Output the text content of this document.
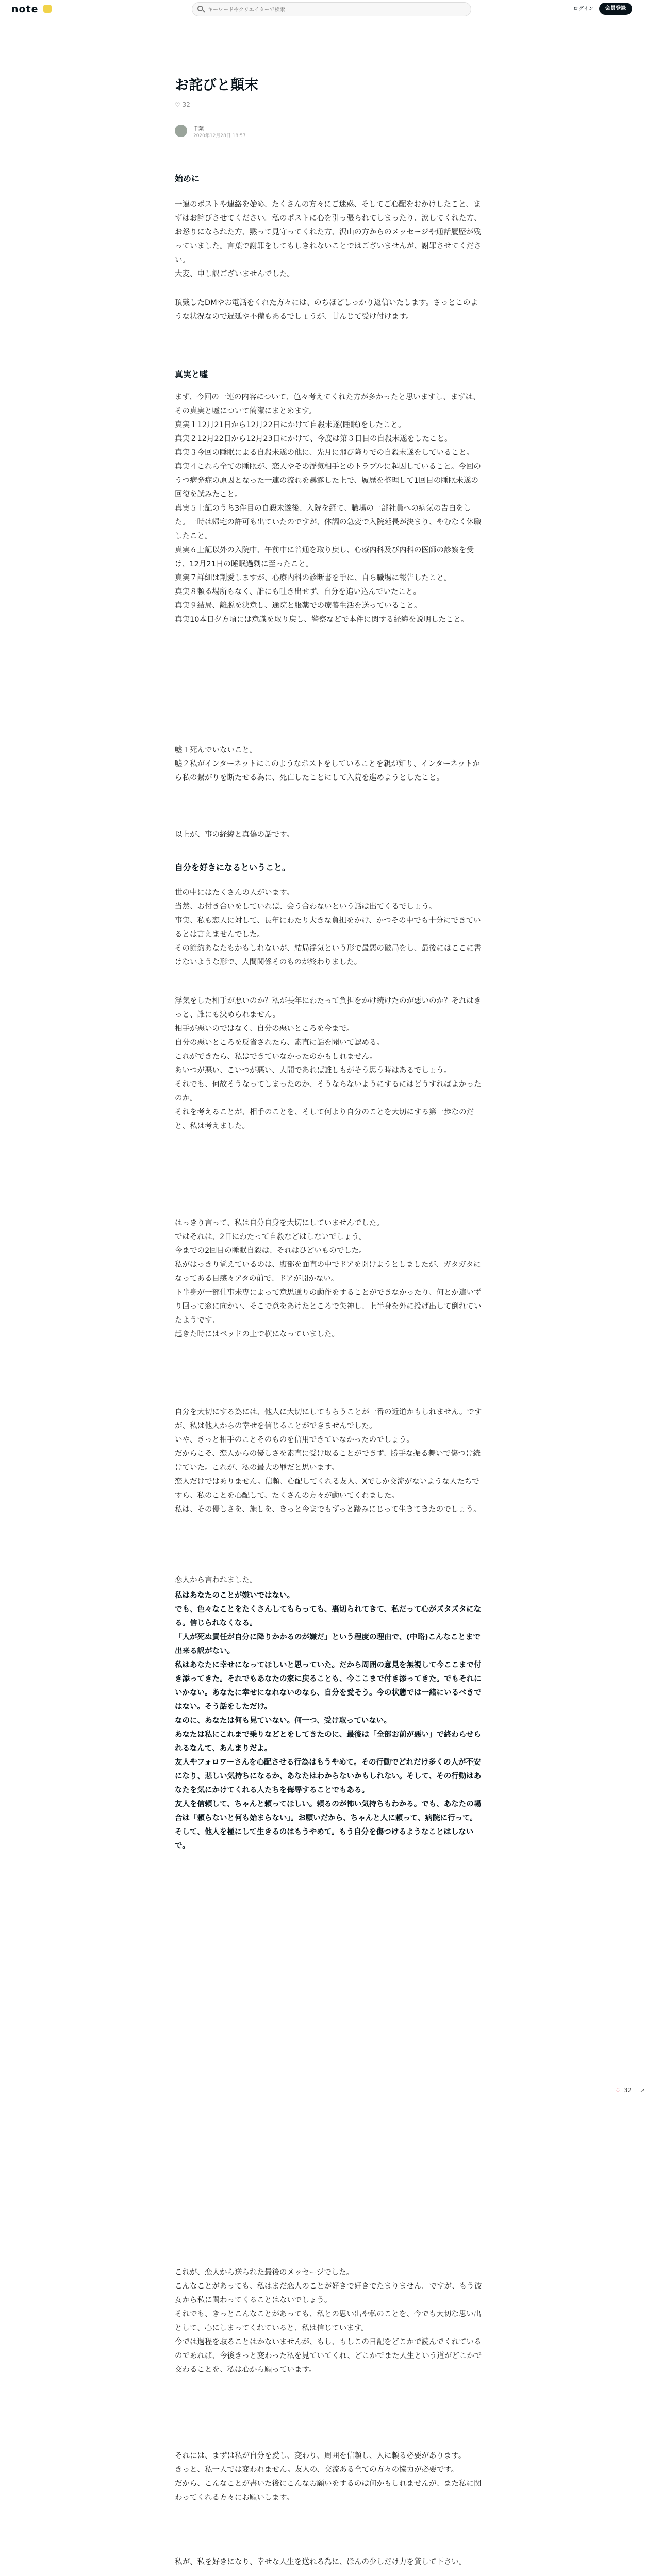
note
キーワードやクリエイターで検索	ログイン	会員登録
お詫びと顛末
♡ 32
千葉
2020年12月28日 18:57
始めに

一連のポストや連絡を始め、たくさんの方々にご迷惑、そしてご心配をおかけしたこと、まずはお詫びさせてください。私のポストに心を引っ張られてしまったり、涙してくれた方、お怒りになられた方、黙って見守ってくれた方、沢山の方からのメッセージや通話履歴が残っていました。言葉で謝罪をしてもしきれないことではございませんが、謝罪させてください。
大変、申し訳ございませんでした。

頂戴したDMやお電話をくれた方々には、のちほどしっかり返信いたします。さっとこのような状況なので遅延や不備もあるでしょうが、甘んじて受け付けます。

真実と嘘

まず、今回の一連の内容について、色々考えてくれた方が多かったと思いますし、まずは、その真実と嘘について簡潔にまとめます。
真実１12月21日から12月22日にかけて自殺未遂(睡眠)をしたこと。
真実２12月22日から12月23日にかけて、今度は第３日目の自殺未遂をしたこと。
真実３今回の睡眠による自殺未遂の他に、先月に飛び降りでの自殺未遂をしていること。
真実４これら全ての睡眠が、恋人やその浮気相手とのトラブルに起因していること。今回のうつ病発症の原因となった一連の流れを暴露した上で、履歴を整理して1回目の睡眠未遂の回復を試みたこと。
真実５上記のうち3件目の自殺未遂後、入院を経て、職場の一部社員への病気の告白をした。一時は帰宅の許可も出ていたのですが、体調の急変で入院延長が決まり、やむなく休職したこと。
真実６上記以外の入院中、午前中に普通を取り戻し、心療内科及び内科の医師の診察を受け、12月21日の睡眠過剰に至ったこと。
真実７詳細は割愛しますが、心療内科の診断書を手に、自ら職場に報告したこと。
真実８頼る場所もなく、誰にも吐き出せず、自分を追い込んでいたこと。
真実９結局、離脱を決意し、通院と服薬での療養生活を送っていること。
真実10本日夕方頃には意識を取り戻し、警察などで本件に関する経緯を説明したこと。

嘘１死んでいないこと。
嘘２私がインターネットにこのようなポストをしていることを親が知り、インターネットから私の繋がりを断たせる為に、死亡したことにして入院を進めようとしたこと。

以上が、事の経緯と真偽の話です。

自分を好きになるということ。

世の中にはたくさんの人がいます。
当然、お付き合いをしていれば、会う合わないという話は出てくるでしょう。
事実、私も恋人に対して、長年にわたり大きな負担をかけ、かつその中でも十分にできているとは言えませんでした。
その節約あなたもかもしれないが、結局浮気という形で最悪の破局をし、最後にはここに書けないような形で、人間関係そのものが終わりました。

浮気をした相手が悪いのか？私が長年にわたって負担をかけ続けたのが悪いのか？それはきっと、誰にも決められません。
相手が悪いのではなく、自分の悪いところを今まで。
自分の悪いところを反省されたら、素直に話を聞いて認める。
これができたら、私はできていなかったのかもしれません。
あいつが悪い、こいつが悪い、人間であれば誰しもがそう思う時はあるでしょう。
それでも、何故そうなってしまったのか、そうならないようにするにはどうすればよかったのか。
それを考えることが、相手のことを、そして何より自分のことを大切にする第一歩なのだと、私は考えました。

はっきり言って、私は自分自身を大切にしていませんでした。
ではそれは、2日にわたって自殺などはしないでしょう。
今までの2回目の睡眠自殺は、それはひどいものでした。
私がはっきり覚えているのは、腹部を面直の中でドアを開けようとしましたが、ガタガタになってある目感々アタの前で、ドアが開かない。
下半身が一部仕事未専によって意思通りの動作をすることができなかったり、何とか這いずり回って窓に向かい、そこで意をあけたところで失神し、上半身を外に投げ出して倒れていたようです。
起きた時にはベッドの上で横になっていました。

自分を大切にする為には、他人に大切にしてもらうことが一番の近道かもしれません。ですが、私は他人からの幸せを信じることができませんでした。
いや、きっと相手のことそのものを信用できていなかったのでしょう。
だからこそ、恋人からの優しさを素直に受け取ることができず、勝手な振る舞いで傷つけ続けていた。これが、私の最大の罪だと思います。
恋人だけではありません。信頼、心配してくれる友人、Xでしか交流がないような人たちですら、私のことを心配して、たくさんの方々が動いてくれました。
私は、その優しさを、施しを、きっと今までもずっと踏みにじって生きてきたのでしょう。

恋人から言われました。

私はあなたのことが嫌いではない。
でも、色々なことをたくさんしてもらっても、裏切られてきて、私だって心がズタズタになる。信じられなくなる。
「人が死ぬ責任が自分に降りかかるのが嫌だ」という程度の理由で、(中略)こんなことまで出来る訳がない。
私はあなたに幸せになってほしいと思っていた。だから周囲の意見を無視して今ここまで付き添ってきた。それでもあなたの家に戻ることも、今ここまで付き添ってきた。でもそれにいかない。あなたに幸せになれないのなら、自分を愛そう。今の状態では一緒にいるべきではない。そう話をしただけ。
なのに、あなたは何も見ていない。何一つ、受け取っていない。
あなたは私にこれまで乗りなどとをしてきたのに、最後は「全部お前が悪い」で終わらせられるなんて、あんまりだよ。
友人やフォロワーさんを心配させる行為はもうやめて。その行動でどれだけ多くの人が不安になり、悲しい気持ちになるか、あなたはわからないかもしれない。そして、その行動はあなたを気にかけてくれる人たちを侮辱することでもある。
友人を信頼して、ちゃんと頼ってほしい。頼るのが怖い気持ちもわかる。でも、あなたの場合は「頼らないと何も始まらない」。お願いだから、ちゃんと人に頼って、病院に行って。そして、他人を極にして生きるのはもうやめて。もう自分を傷つけるようなことはしないで。

これが、恋人から送られた最後のメッセージでした。
こんなことがあっても、私はまだ恋人のことが好きで好きでたまりません。ですが、もう彼女から私に関わってくることはないでしょう。
それでも、きっとこんなことがあっても、私との思い出や私のことを、今でも大切な思い出として、心にしまってくれていると、私は信じています。
今では過程を取ることはかないませんが、もし、もしこの日記をどこかで読んでくれているのであれば、今後きっと変わった私を見ていてくれ、どこかでまた人生という道がどこかで交わることを、私は心から願っています。

それには、まずは私が自分を愛し、変わり、周囲を信頼し、人に頼る必要があります。
きっと、私一人では変われません。友人の、交流ある全ての方々の協力が必要です。
だから、こんなことが書いた後にこんなお願いをするのは何かもしれませんが、また私に関わってくれる方々にお願いします。

私が、私を好きになり、幸せな人生を送れる為に、ほんの少しだけ力を貸して下さい。

♡ 32 ↗
